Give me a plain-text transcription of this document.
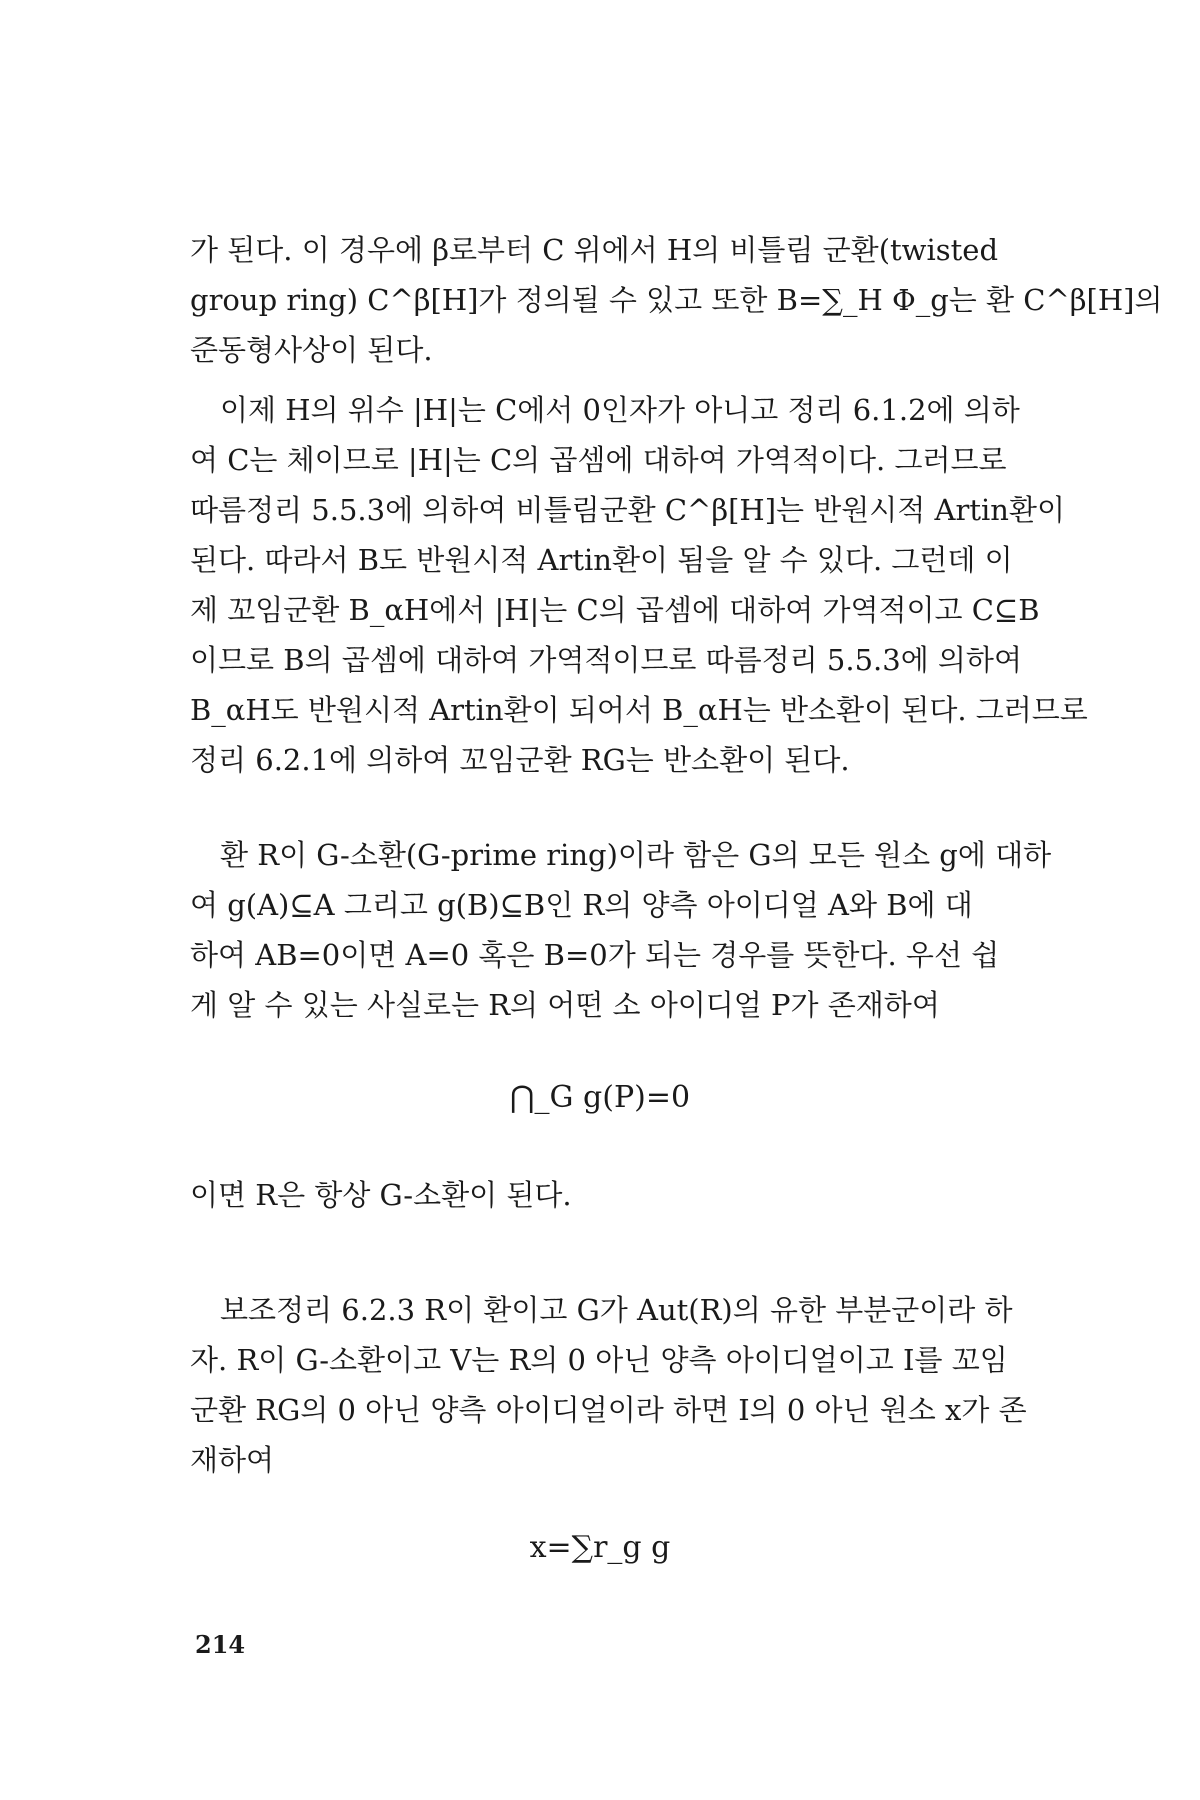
가 된다. 이 경우에 β로부터 C 위에서 H의 비틀림 군환(twisted
group ring) C^β[H]가 정의될 수 있고 또한 B=∑_H Φ_g는 환 C^β[H]의
준동형사상이 된다.
이제 H의 위수 |H|는 C에서 0인자가 아니고 정리 6.1.2에 의하
여 C는 체이므로 |H|는 C의 곱셈에 대하여 가역적이다. 그러므로
따름정리 5.5.3에 의하여 비틀림군환 C^β[H]는 반원시적 Artin환이
된다. 따라서 B도 반원시적 Artin환이 됨을 알 수 있다. 그런데 이
제 꼬임군환 B_αH에서 |H|는 C의 곱셈에 대하여 가역적이고 C⊆B
이므로 B의 곱셈에 대하여 가역적이므로 따름정리 5.5.3에 의하여
B_αH도 반원시적 Artin환이 되어서 B_αH는 반소환이 된다. 그러므로
정리 6.2.1에 의하여 꼬임군환 RG는 반소환이 된다.
환 R이 G-소환(G-prime ring)이라 함은 G의 모든 원소 g에 대하
여 g(A)⊆A 그리고 g(B)⊆B인 R의 양측 아이디얼 A와 B에 대
하여 AB=0이면 A=0 혹은 B=0가 되는 경우를 뜻한다. 우선 쉽
게 알 수 있는 사실로는 R의 어떤 소 아이디얼 P가 존재하여
⋂_G g(P)=0
이면 R은 항상 G-소환이 된다.
보조정리 6.2.3 R이 환이고 G가 Aut(R)의 유한 부분군이라 하
자. R이 G-소환이고 V는 R의 0 아닌 양측 아이디얼이고 I를 꼬임
군환 RG의 0 아닌 양측 아이디얼이라 하면 I의 0 아닌 원소 x가 존
재하여
x=∑r_g g
214
